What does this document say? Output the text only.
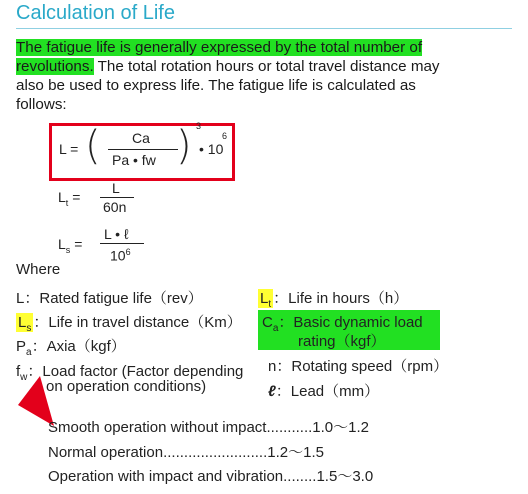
Calculation of Life
The fatigue life is generally expressed by the total number of revolutions. The total rotation hours or total travel distance may also be used to express life. The fatigue life is calculated as follows:
L = ( Ca
Pa • fw ) 3
• 10
6
$L_t$ =
L
60n
$L_s$ =
L • ℓ
$10^6$
Where
L：Rated fatigue life（rev）
$L_s$ ：Life in travel distance（Km）
$P_a$：Axia（kgf）
$f_w$：Load factor (Factor depending
on operation conditions)
$L_t$ ：Life in hours（h）
$C_a$：Basic dynamic load
rating（kgf）
n：Rotating speed（rpm）
ℓ：Lead（mm）
Smooth operation without impact...........1.0〜1.2
Normal operation.........................1.2〜1.5
Operation with impact and vibration........1.5〜3.0
